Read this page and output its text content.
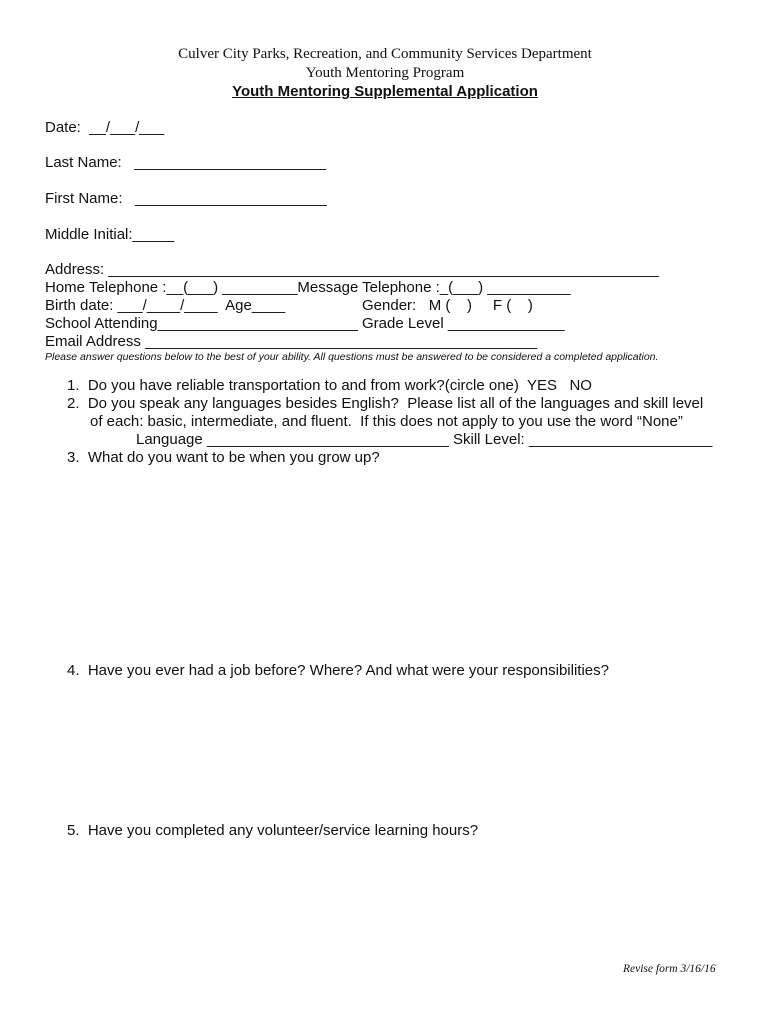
Culver City Parks, Recreation, and Community Services Department
Youth Mentoring Program
Youth Mentoring Supplemental Application
Date:  __/___/___
Last Name:   _______________________
First Name:   _______________________
Middle Initial:_____
Address: __________________________________________________________________
Home Telephone :__(___) _________Message Telephone :_(___) __________
Birth date: ___/____/____  Age____	Gender:   M (    )     F (    )
School Attending________________________ Grade Level ______________
Email Address _______________________________________________
Please answer questions below to the best of your ability. All questions must be answered to be considered a completed application.
1.  Do you have reliable transportation to and from work?(circle one)  YES   NO
2.  Do you speak any languages besides English?  Please list all of the languages and skill level
of each: basic, intermediate, and fluent.  If this does not apply to you use the word “None”
Language _____________________________ Skill Level: ______________________
3.  What do you want to be when you grow up?
4.  Have you ever had a job before? Where? And what were your responsibilities?
5.  Have you completed any volunteer/service learning hours?
Revise form 3/16/16
